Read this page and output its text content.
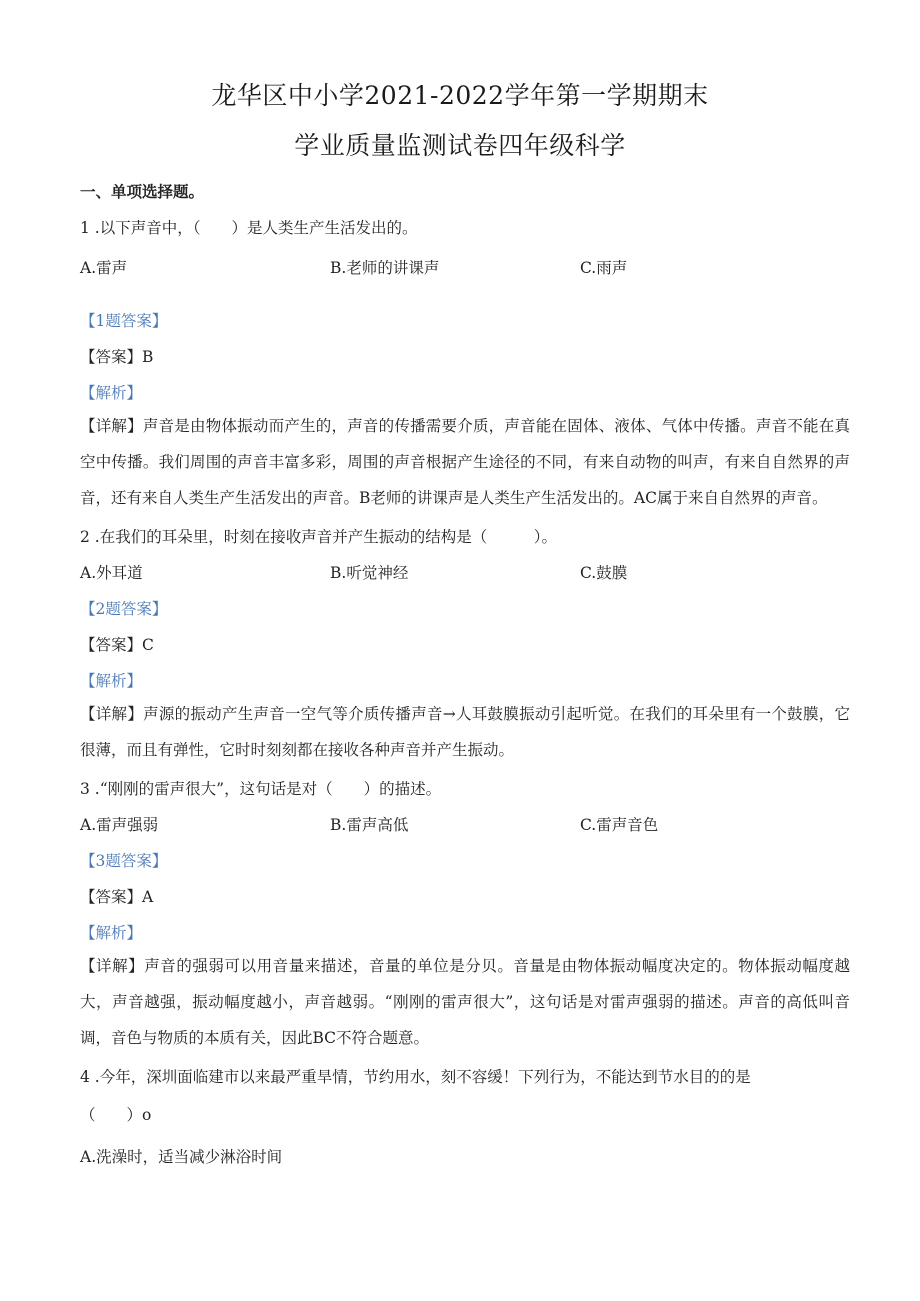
龙华区中小学2021-2022学年第一学期期末
学业质量监测试卷四年级科学
一、单项选择题。
1 .以下声音中，（　　）是人类生产生活发出的。
A.雷声	B.老师的讲课声	C.雨声
【1题答案】
【答案】B
【解析】
【详解】声音是由物体振动而产生的，声音的传播需要介质，声音能在固体、液体、气体中传播。声音不能在真空中传播。我们周围的声音丰富多彩，周围的声音根据产生途径的不同，有来自动物的叫声，有来自自然界的声音，还有来自人类生产生活发出的声音。B老师的讲课声是人类生产生活发出的。AC属于来自自然界的声音。
2 .在我们的耳朵里，时刻在接收声音并产生振动的结构是（　　　）。
A.外耳道	B.听觉神经	C.鼓膜
【2题答案】
【答案】C
【解析】
【详解】声源的振动产生声音一空气等介质传播声音→人耳鼓膜振动引起听觉。在我们的耳朵里有一个鼓膜，它很薄，而且有弹性，它时时刻刻都在接收各种声音并产生振动。
3 .“刚刚的雷声很大”，这句话是对（　　）的描述。
A.雷声强弱	B.雷声高低	C.雷声音色
【3题答案】
【答案】A
【解析】
【详解】声音的强弱可以用音量来描述，音量的单位是分贝。音量是由物体振动幅度决定的。物体振动幅度越大，声音越强，振动幅度越小，声音越弱。“刚刚的雷声很大”，这句话是对雷声强弱的描述。声音的高低叫音调，音色与物质的本质有关，因此BC不符合题意。
4 .今年，深圳面临建市以来最严重旱情，节约用水，刻不容缓！下列行为，不能达到节水目的的是
（　　）o
A.洗澡时，适当减少淋浴时间
